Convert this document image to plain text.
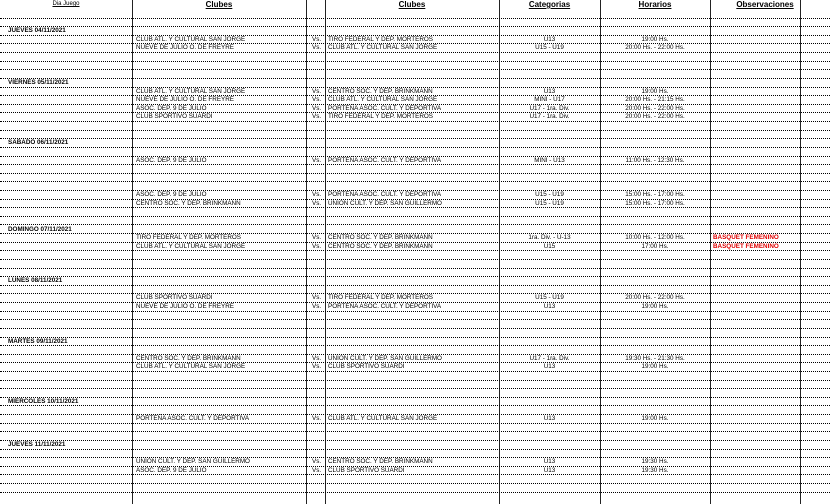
Dia Juego	Clubes	Clubes	Categorias	Horarios	Observaciones
JUEVES 04/11/2021
CLUB ATL. Y CULTURAL SAN JORGE	Vs.	TIRO FEDERAL Y DEP. MORTEROS	U13	19:00 Hs.
NUEVE DE JULIO O. DE FREYRE	Vs.	CLUB ATL. Y CULTURAL SAN JORGE	U15 - U19	20:00 Hs. - 22:00 Hs.
VIERNES 05/11/2021
CLUB ATL. Y CULTURAL SAN JORGE	Vs.	CENTRO SOC. Y DEP. BRINKMANN	U13	19:00 Hs.
NUEVE DE JULIO O. DE FREYRE	Vs.	CLUB ATL. Y CULTURAL SAN JORGE	MINI - U17	20:00 Hs. - 21:15 Hs.
ASOC. DEP. 9 DE JULIO	Vs.	PORTEÑA ASOC. CULT. Y DEPORTIVA	U17 - 1ra. Div.	20:00 Hs. - 22:00 Hs.
CLUB SPORTIVO SUARDI	Vs.	TIRO FEDERAL Y DEP. MORTEROS	U17 - 1ra. Div.	20:00 Hs. - 22:00 Hs.
SABADO 06/11/2021
ASOC. DEP. 9 DE JULIO	Vs.	PORTEÑA ASOC. CULT. Y DEPORTIVA	MINI - U13	11:00 Hs. - 12:30 Hs.
ASOC. DEP. 9 DE JULIO	Vs.	PORTEÑA ASOC. CULT. Y DEPORTIVA	U15 - U19	15:00 Hs. - 17:00 Hs.
CENTRO SOC. Y DEP. BRINKMANN	Vs.	UNION CULT. Y DEP. SAN GUILLERMO	U15 - U19	15:00 Hs. - 17:00 Hs.
DOMINGO 07/11/2021
TIRO FEDERAL Y DEP. MORTEROS	Vs.	CENTRO SOC. Y DEP. BRINKMANN	1ra. Div. - U-13	10:00 Hs. - 12:00 Hs.	BASQUET FEMENINO
CLUB ATL. Y CULTURAL SAN JORGE	Vs.	CENTRO SOC. Y DEP. BRINKMANN	U15	17:00 Hs.	BASQUET FEMENINO
LUNES 08/11/2021
CLUB SPORTIVO SUARDI	Vs.	TIRO FEDERAL Y DEP. MORTEROS	U15 - U19	20:00 Hs. - 22:00 Hs.
NUEVE DE JULIO O. DE FREYRE	Vs.	PORTEÑA ASOC. CULT. Y DEPORTIVA	U13	19:00 Hs.
MARTES 09/11/2021
CENTRO SOC. Y DEP. BRINKMANN	Vs.	UNION CULT. Y DEP. SAN GUILLERMO	U17 - 1ra. Div.	19:30 Hs. - 21:30 Hs.
CLUB ATL. Y CULTURAL SAN JORGE	Vs.	CLUB SPORTIVO SUARDI	U13	19:00 Hs.
MIERCOLES 10/11/2021
PORTEÑA ASOC. CULT. Y DEPORTIVA	Vs.	CLUB ATL. Y CULTURAL SAN JORGE	U13	19:00 Hs.
JUEVES 11/11/2021
UNION CULT. Y DEP. SAN GUILLERMO	Vs.	CENTRO SOC. Y DEP. BRINKMANN	U13	19:30 Hs.
ASOC. DEP. 9 DE JULIO	Vs.	CLUB SPORTIVO SUARDI	U13	19:30 Hs.
